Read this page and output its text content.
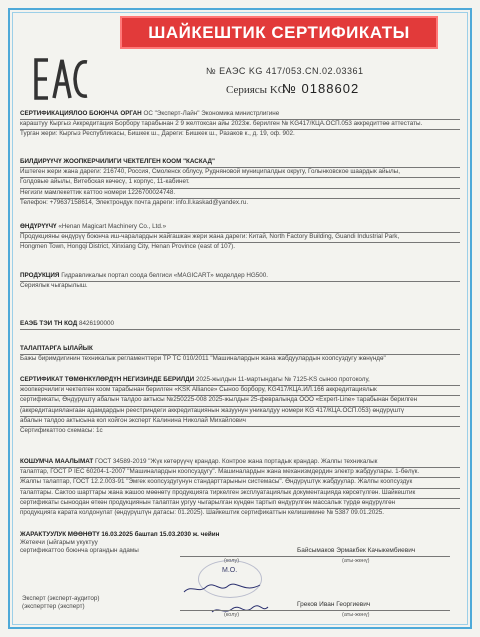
ШАЙКЕШТИК СЕРТИФИКАТЫ
№ ЕАЭС KG 417/053.CN.02.03361
Сериясы KG
№ 0188602
СЕРТИФИКАЦИЯЛОО БОЮНЧА ОРГАН ОС "Эксперт-Лайн" Экономика министрлигине
караштуу Кыргыз Аккредитация Борбору тарабынан 2 9 желтоксан айы 2023ж. берилген № KG417/КЦА.ОСП.053 аккредиттөө аттестаты.
Турган жери: Кыргыз Республикасы, Бишкек ш., Дареги: Бишкек ш., Разаков к., д. 19, оф. 902.
БИЛДИРҮҮЧҮ ЖООПКЕРЧИЛИГИ ЧЕКТЕЛГЕН КООМ "КАСКАД"
Иштеген жери жана дареги: 216740, Россия, Смоленск облусу, Рудняновой муниципалдык округу, Голынковское шаардык айылы,
Голдовые айылы, Витебская көчөсү, 1 корпус, 11-кабинет.
Негизги мамлекеттик каттоо номери 1226700024748.
Телефон: +79637158614, Электрондук почта дареги: info.ll.kaskad@yandex.ru.
ӨНДҮРҮҮЧҮ «Henan Magicart Machinery Co., Ltd.»
Продукцияны өндүрүү боюнча иш-чаралардын жайгашкан жери жана дареги: Китай, North Factory Building, Guandi Industrial Park,
Hongmen Town, Hongqi District, Xinxiang City, Henan Province (east of 107).
ПРОДУКЦИЯ Гидравликалык портал соода белгиси «MAGICART» моделдер HG500.
Сериялык чыгарылыш.
ЕАЭБ ТЭИ ТН КОД 8426190000
ТАЛАПТАРГА ЫЛАЙЫК
Бажы биримдигинин техникалык регламенттери ТР ТС 010/2011 "Машиналардын жана жабдуулардын коопсуздугу жөнүндө"
СЕРТИФИКАТ ТӨМӨНКҮЛӨРДҮН НЕГИЗИНДЕ БЕРИЛДИ 2025-жылдын 11-мартындагы № 7125-KS сыноо протоколу,
жоопкерчилиги чектелген коом тарабынан берилген «KSK Alliance» Сыноо борбору, KG417/КЦА.ИЛ.166 аккредитациялык
сертификаты, Өндүрүштү абалын талдоо актысы №250225-008 2025-жылдын 25-февралында ООО «Expert-Line» тарабынан берилген
(аккредитациялангаан адамдардын реестриндеги аккредитациянын жазуунун уникалдуу номери KG 417/КЦА.ОСП.053) өндүрүштү
абалын талдоо актысына кол койгон эксперт Калинина Николай Михайлович
Сертификаттоо схемасы: 1с
КОШУМЧА МААЛЫМАТ ГОСТ 34589-2019 "Жүк көтөрүүчү крандар. Контрое жана портадык крандар. Жалпы техникалык
талаптар, ГОСТ Р IEC 60204-1-2007 "Машиналардын коопсуздугу". Машиналардын жана механизмдердин электр жабдуулары. 1-бөлүк.
Жалпы талаптар, ГОСТ 12.2.003-91 "Эмгек коопсуздугунун стандарттарынын системасы". Өндүрүштүк жабдуулар. Жалпы коопсуздук
талаптары. Сактоо шарттары жана жашоо мөөнөтү продукцияга тиркелген эксплуатациялык документацияда көрсөтүлгөн. Шайкештик
сертификаты сыноодан өткөн продукциянын талаптан ургуу чыгарылган күндөн тартып өндүрүлгөн массалык түрдө өндүрүлгөн
продукцияга карата колдонулат (өндүрүштүн датасы: 01.2025). Шайкештик сертификаттын келишимине № 5387 09.01.2025.
ЖАРАКТУУЛУК МӨӨНӨТҮ 16.03.2025 баштап 15.03.2030 ж. чейин
Жетекчи (ыйгарым укуктуу
сертификаттоо боюнча органдын адамы	Байсымаков Эрмакбек Качыкембиевич
(колу)	(аты-жөнү)
М.О.
Эксперт (эксперт-аудитор)
(эксперттер (эксперт)	Греков Иван Георгиевич
(колу)	(аты-жөнү)
